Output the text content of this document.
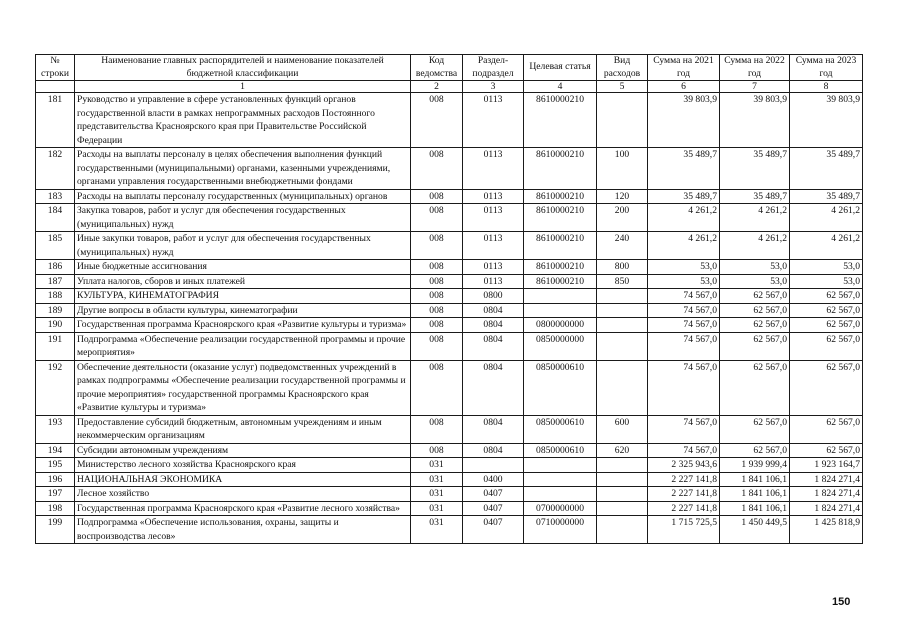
№ строки	Наименование главных распорядителей и наименование показателей бюджетной классификации	Код ведомства	Раздел- подраздел	Целевая статья	Вид расходов	Сумма на 2021 год	Сумма на 2022 год	Сумма на 2023 год
	1	2	3	4	5	6	7	8
181	Руководство и управление в сфере установленных функций органов государственной власти в рамках непрограммных расходов Постоянного представительства Красноярского края при Правительстве Российской Федерации	008	0113	8610000210		39 803,9	39 803,9	39 803,9
182	Расходы на выплаты персоналу в целях обеспечения выполнения функций государственными (муниципальными) органами, казенными учреждениями, органами управления государственными внебюджетными фондами	008	0113	8610000210	100	35 489,7	35 489,7	35 489,7
183	Расходы на выплаты персоналу государственных (муниципальных) органов	008	0113	8610000210	120	35 489,7	35 489,7	35 489,7
184	Закупка товаров, работ и услуг для обеспечения государственных (муниципальных) нужд	008	0113	8610000210	200	4 261,2	4 261,2	4 261,2
185	Иные закупки товаров, работ и услуг для обеспечения государственных (муниципальных) нужд	008	0113	8610000210	240	4 261,2	4 261,2	4 261,2
186	Иные бюджетные ассигнования	008	0113	8610000210	800	53,0	53,0	53,0
187	Уплата налогов, сборов и иных платежей	008	0113	8610000210	850	53,0	53,0	53,0
188	КУЛЬТУРА, КИНЕМАТОГРАФИЯ	008	0800			74 567,0	62 567,0	62 567,0
189	Другие вопросы в области культуры, кинематографии	008	0804			74 567,0	62 567,0	62 567,0
190	Государственная программа Красноярского края «Развитие культуры и туризма»	008	0804	0800000000		74 567,0	62 567,0	62 567,0
191	Подпрограмма «Обеспечение реализации государственной программы и прочие мероприятия»	008	0804	0850000000		74 567,0	62 567,0	62 567,0
192	Обеспечение деятельности (оказание услуг) подведомственных учреждений в рамках подпрограммы «Обеспечение реализации государственной программы и прочие мероприятия» государственной программы Красноярского края «Развитие культуры и туризма»	008	0804	0850000610		74 567,0	62 567,0	62 567,0
193	Предоставление субсидий бюджетным, автономным учреждениям и иным некоммерческим организациям	008	0804	0850000610	600	74 567,0	62 567,0	62 567,0
194	Субсидии автономным учреждениям	008	0804	0850000610	620	74 567,0	62 567,0	62 567,0
195	Министерство лесного хозяйства Красноярского края	031				2 325 943,6	1 939 999,4	1 923 164,7
196	НАЦИОНАЛЬНАЯ ЭКОНОМИКА	031	0400			2 227 141,8	1 841 106,1	1 824 271,4
197	Лесное хозяйство	031	0407			2 227 141,8	1 841 106,1	1 824 271,4
198	Государственная программа Красноярского края «Развитие лесного хозяйства»	031	0407	0700000000		2 227 141,8	1 841 106,1	1 824 271,4
199	Подпрограмма «Обеспечение использования, охраны, защиты и воспроизводства лесов»	031	0407	0710000000		1 715 725,5	1 450 449,5	1 425 818,9
150
